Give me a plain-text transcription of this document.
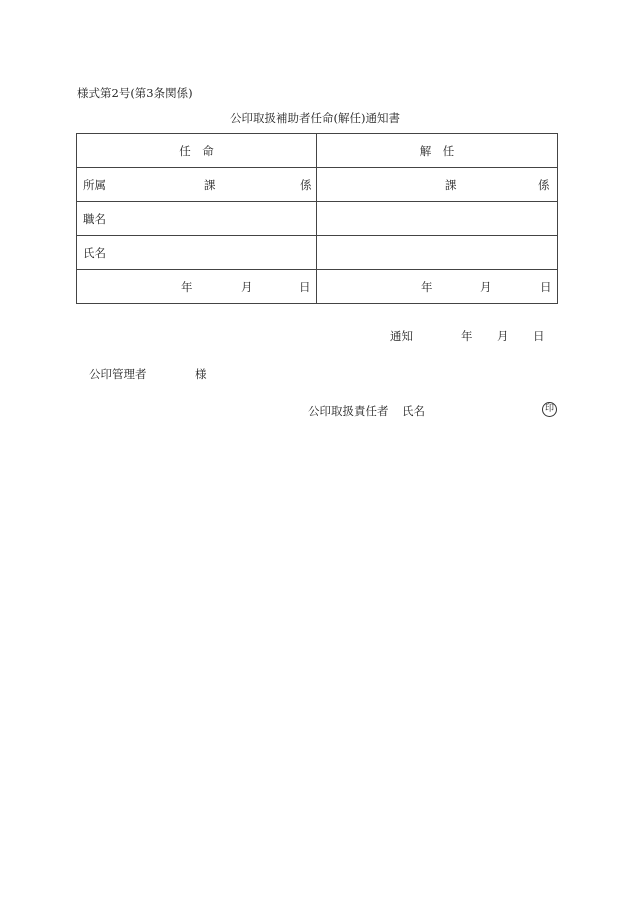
様式第2号(第3条関係)
公印取扱補助者任命(解任)通知書
任　命	解　任

所属 課 係	課 係

職名	

氏名	

年 月 日	年 月 日
通知	年 月 日
公印管理者	様
公印取扱責任者 氏名	印
